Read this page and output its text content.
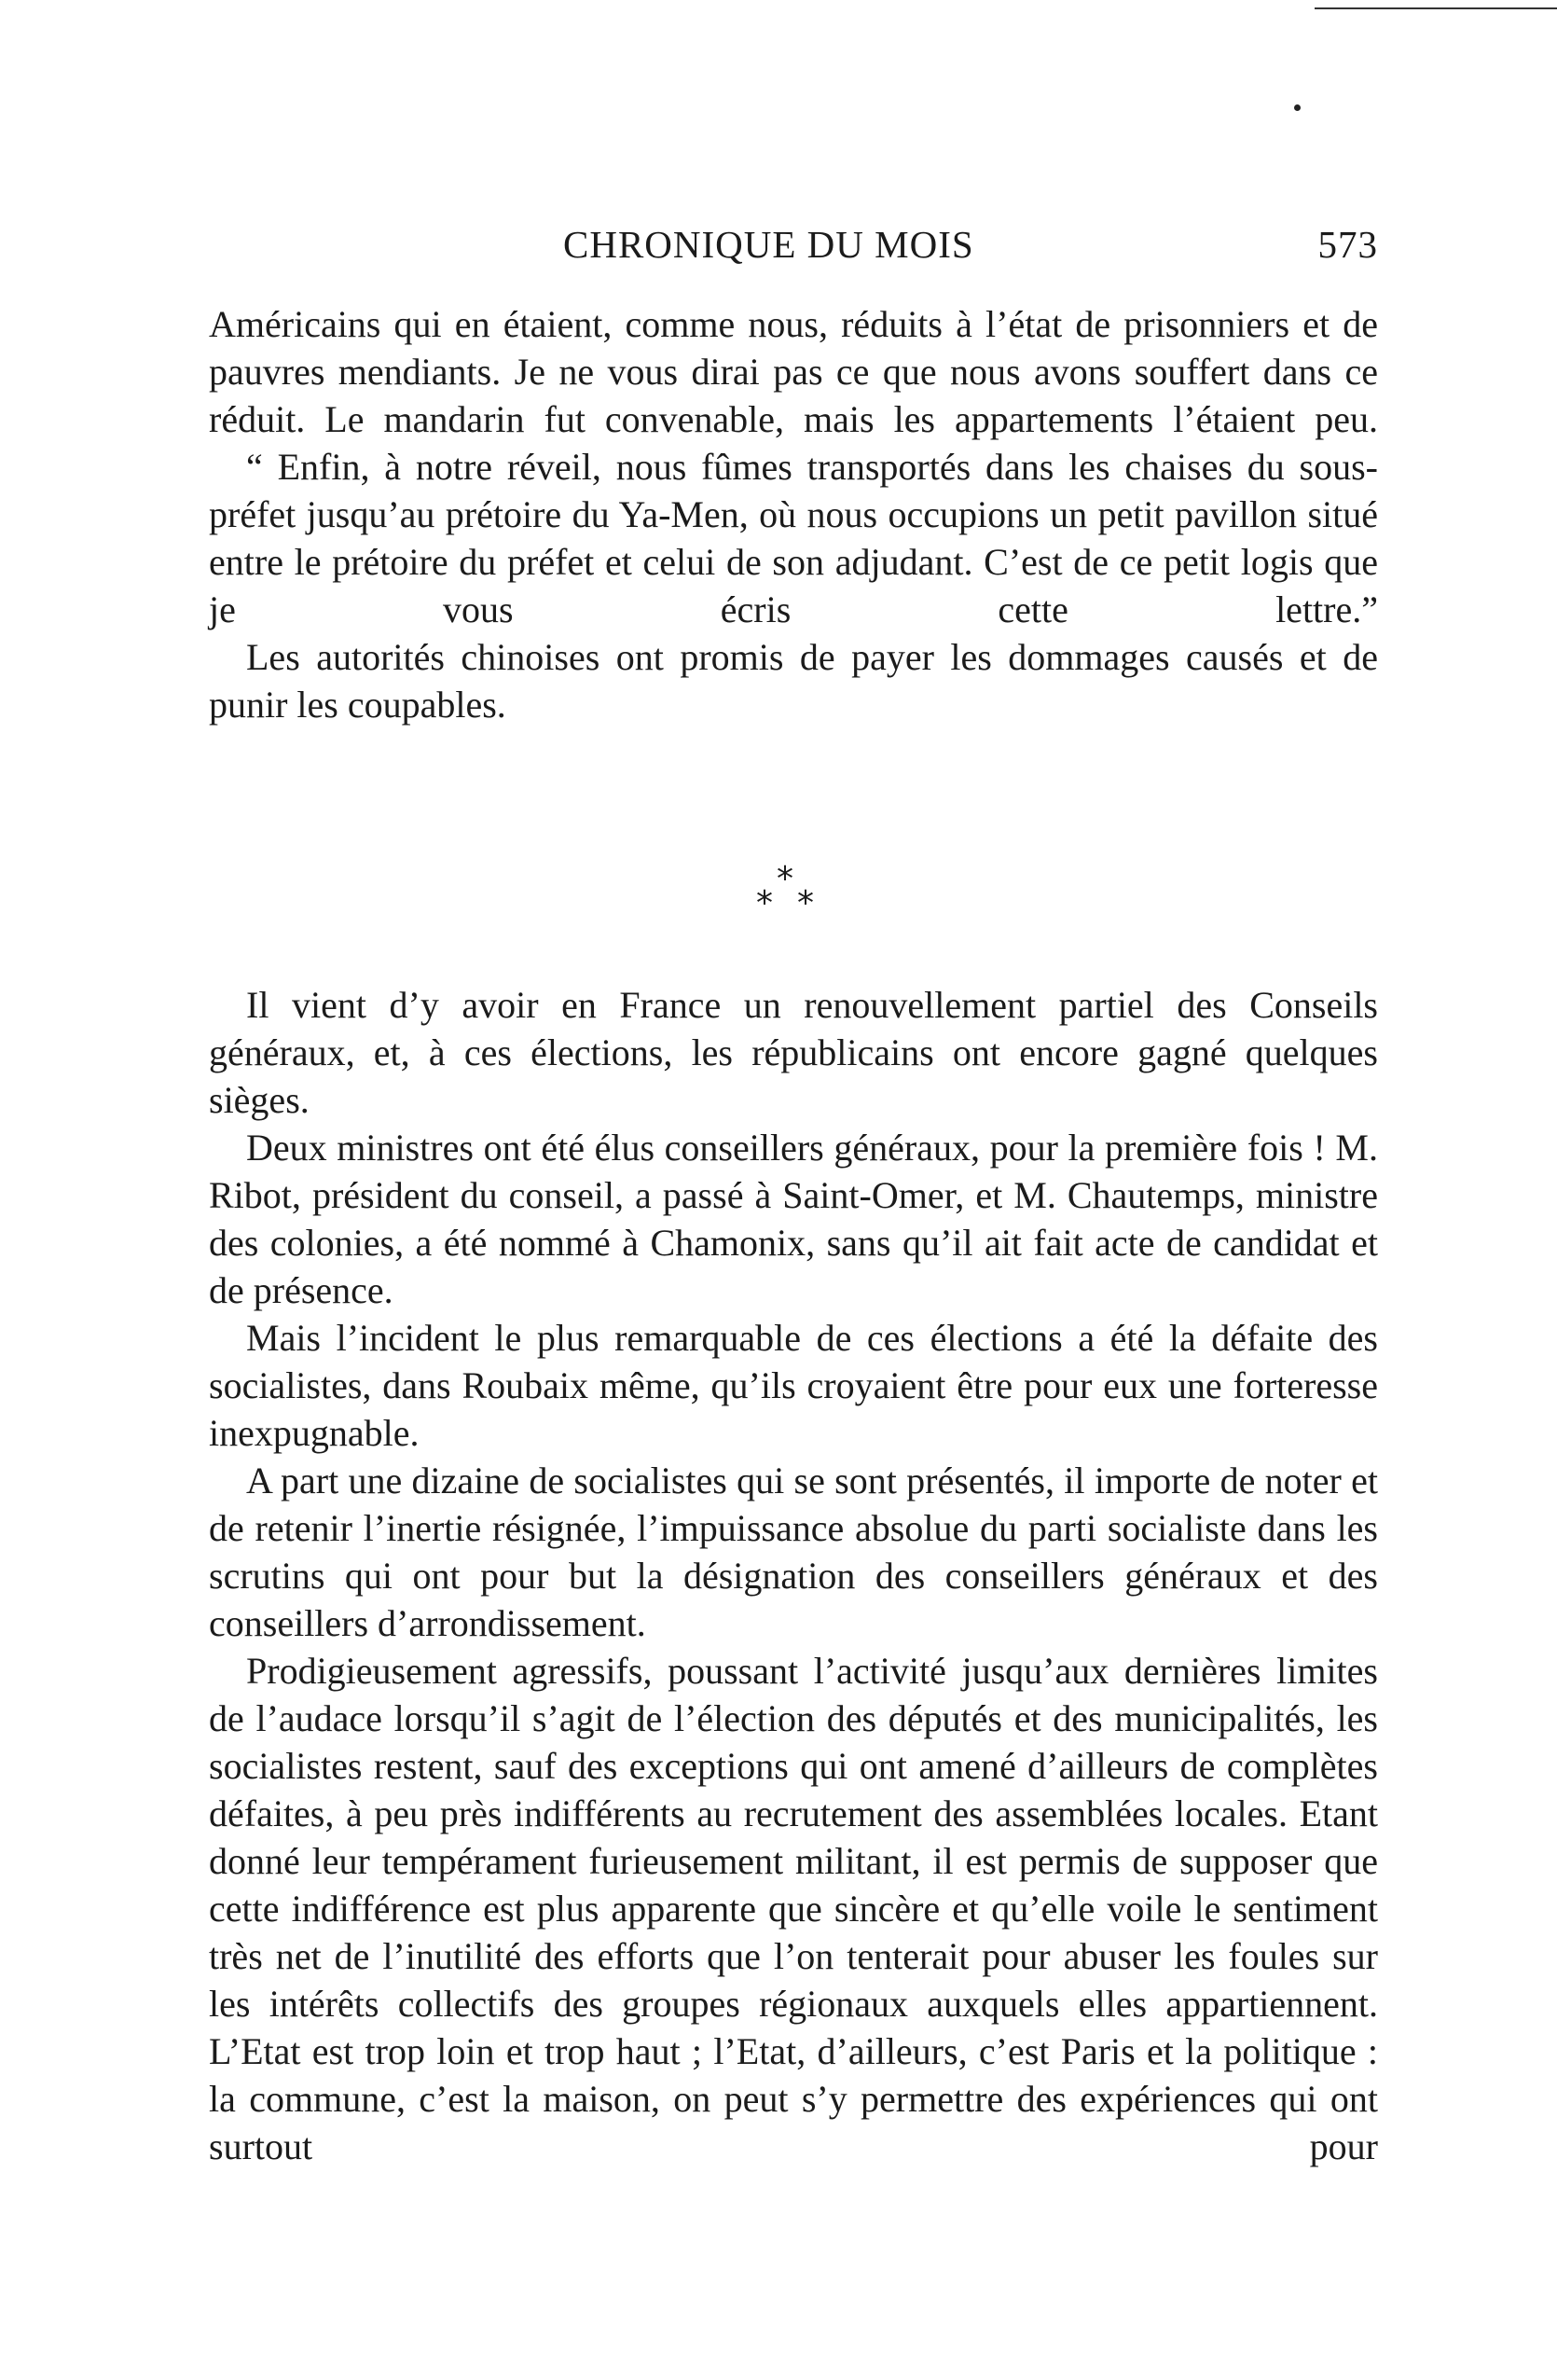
CHRONIQUE DU MOIS	573

Américains qui en étaient, comme nous, réduits à l’état de prisonniers et de pauvres mendiants. Je ne vous dirai pas ce que nous avons souffert dans ce réduit. Le mandarin fut convenable, mais les appartements l’étaient peu.

“ Enfin, à notre réveil, nous fûmes transportés dans les chaises du sous-préfet jusqu’au prétoire du Ya-Men, où nous occupions un petit pavillon situé entre le prétoire du préfet et celui de son adjudant. C’est de ce petit logis que je vous écris cette lettre.”

Les autorités chinoises ont promis de payer les dommages causés et de punir les coupables.

*
* *

Il vient d’y avoir en France un renouvellement partiel des Conseils généraux, et, à ces élections, les républicains ont encore gagné quelques sièges.

Deux ministres ont été élus conseillers généraux, pour la première fois ! M. Ribot, président du conseil, a passé à Saint-Omer, et M. Chautemps, ministre des colonies, a été nommé à Chamonix, sans qu’il ait fait acte de candidat et de présence.

Mais l’incident le plus remarquable de ces élections a été la défaite des socialistes, dans Roubaix même, qu’ils croyaient être pour eux une forteresse inexpugnable.

A part une dizaine de socialistes qui se sont présentés, il importe de noter et de retenir l’inertie résignée, l’impuissance absolue du parti socialiste dans les scrutins qui ont pour but la désignation des conseillers généraux et des conseillers d’arrondissement.

Prodigieusement agressifs, poussant l’activité jusqu’aux dernières limites de l’audace lorsqu’il s’agit de l’élection des députés et des municipalités, les socialistes restent, sauf des exceptions qui ont amené d’ailleurs de complètes défaites, à peu près indifférents au recrutement des assemblées locales. Etant donné leur tempérament furieusement militant, il est permis de supposer que cette indifférence est plus apparente que sincère et qu’elle voile le sentiment très net de l’inutilité des efforts que l’on tenterait pour abuser les foules sur les intérêts collectifs des groupes régionaux auxquels elles appartiennent. L’Etat est trop loin et trop haut ; l’Etat, d’ailleurs, c’est Paris et la politique : la commune, c’est la maison, on peut s’y permettre des expériences qui ont surtout pour
